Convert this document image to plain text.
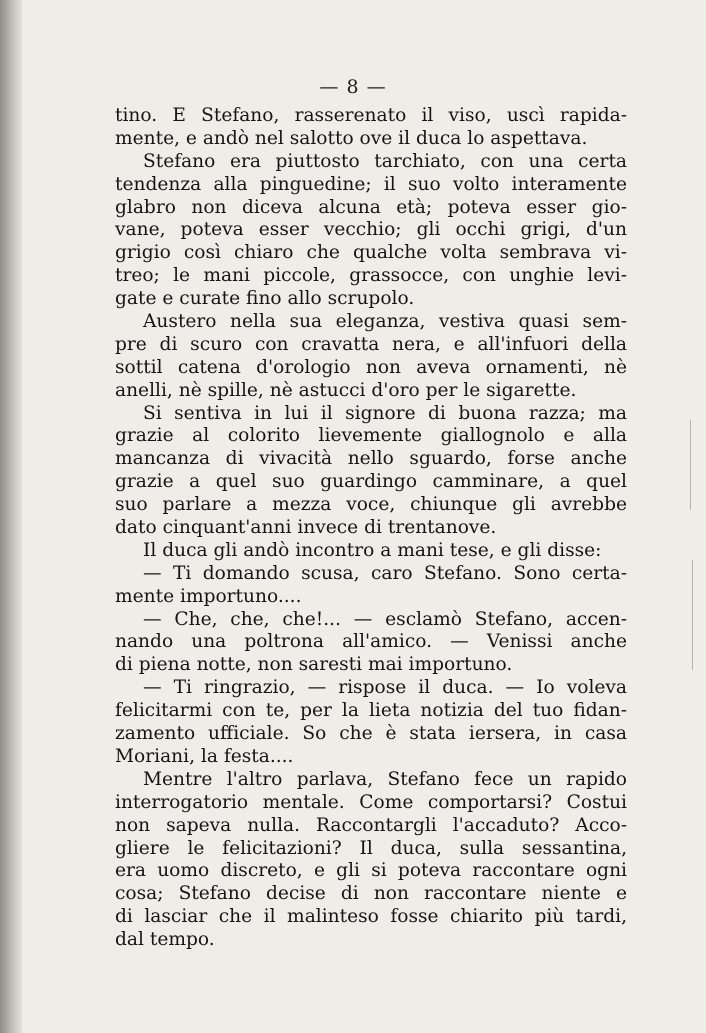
— 8 —
tino. E Stefano, rasserenato il viso, uscì rapida-
mente, e andò nel salotto ove il duca lo aspettava.
Stefano era piuttosto tarchiato, con una certa
tendenza alla pinguedine; il suo volto interamente
glabro non diceva alcuna età; poteva esser gio-
vane, poteva esser vecchio; gli occhi grigi, d'un
grigio così chiaro che qualche volta sembrava vi-
treo; le mani piccole, grassocce, con unghie levi-
gate e curate fino allo scrupolo.
Austero nella sua eleganza, vestiva quasi sem-
pre di scuro con cravatta nera, e all'infuori della
sottil catena d'orologio non aveva ornamenti, nè
anelli, nè spille, nè astucci d'oro per le sigarette.
Si sentiva in lui il signore di buona razza; ma
grazie al colorito lievemente giallognolo e alla
mancanza di vivacità nello sguardo, forse anche
grazie a quel suo guardingo camminare, a quel
suo parlare a mezza voce, chiunque gli avrebbe
dato cinquant'anni invece di trentanove.
Il duca gli andò incontro a mani tese, e gli disse:
— Ti domando scusa, caro Stefano. Sono certa-
mente importuno....
— Che, che, che!... — esclamò Stefano, accen-
nando una poltrona all'amico. — Venissi anche
di piena notte, non saresti mai importuno.
— Ti ringrazio, — rispose il duca. — Io voleva
felicitarmi con te, per la lieta notizia del tuo fidan-
zamento ufficiale. So che è stata iersera, in casa
Moriani, la festa....
Mentre l'altro parlava, Stefano fece un rapido
interrogatorio mentale. Come comportarsi? Costui
non sapeva nulla. Raccontargli l'accaduto? Acco-
gliere le felicitazioni? Il duca, sulla sessantina,
era uomo discreto, e gli si poteva raccontare ogni
cosa; Stefano decise di non raccontare niente e
di lasciar che il malinteso fosse chiarito più tardi,
dal tempo.
